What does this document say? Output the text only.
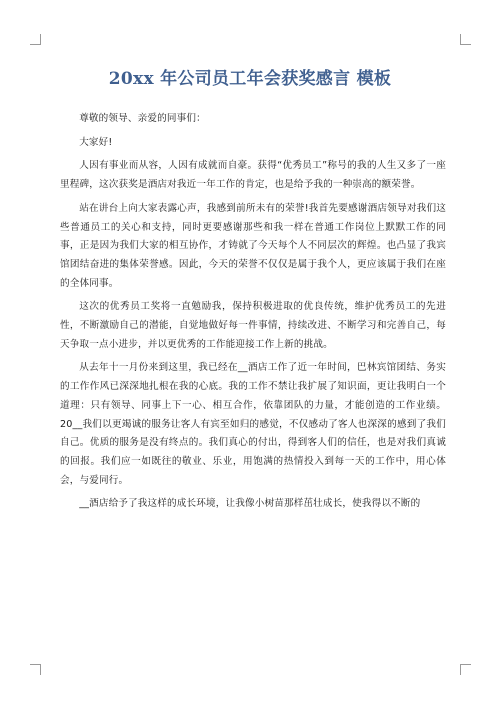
20xx 年公司员工年会获奖感言 模板

尊敬的领导、亲爱的同事们：

大家好!

人因有事业而从容，人因有成就而自豪。获得“优秀员工”称号的我的人生又多了一座里程碑，这次获奖是酒店对我近一年工作的肯定，也是给予我的一种崇高的额荣誉。

站在讲台上向大家表露心声，我感到前所未有的荣誉!我首先要感谢酒店领导对我们这些普通员工的关心和支持，同时更要感谢那些和我一样在普通工作岗位上默默工作的同事，正是因为我们大家的相互协作，才铸就了今天每个人不同层次的辉煌。也凸显了我宾馆团结奋进的集体荣誉感。因此，今天的荣誉不仅仅是属于我个人，更应该属于我们在座的全体同事。

这次的优秀员工奖将一直勉励我，保持积极进取的优良传统，维护优秀员工的先进性，不断激励自己的潜能，自觉地做好每一件事情，持续改进、不断学习和完善自己，每天争取一点小进步，并以更优秀的工作能迎接工作上新的挑战。

从去年十一月份来到这里，我已经在__酒店工作了近一年时间，巴林宾馆团结、务实的工作作风已深深地扎根在我的心底。我的工作不禁让我扩展了知识面，更让我明白一个道理：只有领导、同事上下一心、相互合作，依靠团队的力量，才能创造的工作业绩。20__我们以更竭诚的服务让客人有宾至如归的感觉，不仅感动了客人也深深的感到了我们自己。优质的服务是没有终点的。我们真心的付出，得到客人们的信任，也是对我们真诚的回报。我们应一如既往的敬业、乐业，用饱满的热情投入到每一天的工作中，用心体会，与爱同行。

__酒店给予了我这样的成长环境，让我像小树苗那样茁壮成长，使我得以不断的
